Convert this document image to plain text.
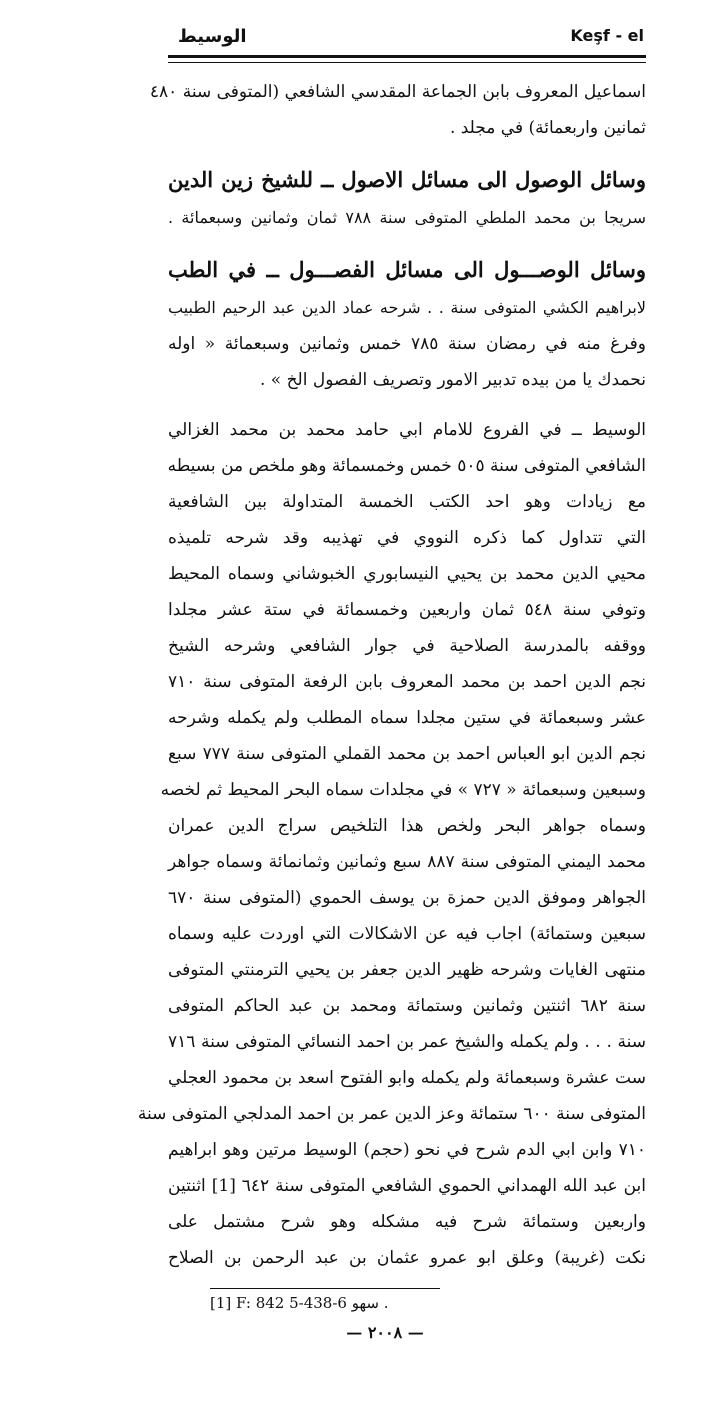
الوسيط	Keşf - el
اسماعيل المعروف بابن الجماعة المقدسي الشافعي (المتوفى سنة ٤٨٠
ثمانين واربعمائة) في مجلد .
وسائل الوصول الى مسائل الاصول ــ للشيخ زين الدين
سريجا بن محمد الملطي المتوفى سنة ٧٨٨ ثمان وثمانين وسبعمائة .
وسائل الوصـــول الى مسائل الفصـــول ــ في الطب
لابراهيم الكشي المتوفى سنة . . شرحه عماد الدين عبد الرحيم الطبيب
وفرغ منه في رمضان سنة ٧٨٥ خمس وثمانين وسبعمائة « اوله
نحمدك يا من بيده تدبير الامور وتصريف الفصول الخ » .
الوسيط ــ في الفروع للامام ابي حامد محمد بن محمد الغزالي
الشافعي المتوفى سنة ٥٠٥ خمس وخمسمائة وهو ملخص من بسيطه
مع زيادات وهو احد الكتب الخمسة المتداولة بين الشافعية
التي تتداول كما ذكره النووي في تهذيبه وقد شرحه تلميذه
محيي الدين محمد بن يحيي النيسابوري الخبوشاني وسماه المحيط
وتوفي سنة ٥٤٨ ثمان واربعين وخمسمائة في ستة عشر مجلدا
ووقفه بالمدرسة الصلاحية في جوار الشافعي وشرحه الشيخ
نجم الدين احمد بن محمد المعروف بابن الرفعة المتوفى سنة ٧١٠
عشر وسبعمائة في ستين مجلدا سماه المطلب ولم يكمله وشرحه
نجم الدين ابو العباس احمد بن محمد القملي المتوفى سنة ٧٧٧ سبع
وسبعين وسبعمائة « ٧٢٧ » في مجلدات سماه البحر المحيط ثم لخصه
وسماه جواهر البحر ولخص هذا التلخيص سراج الدين عمران
محمد اليمني المتوفى سنة ٨٨٧ سبع وثمانين وثمانمائة وسماه جواهر
الجواهر وموفق الدين حمزة بن يوسف الحموي (المتوفى سنة ٦٧٠
سبعين وستمائة) اجاب فيه عن الاشكالات التي اوردت عليه وسماه
منتهى الغايات وشرحه ظهير الدين جعفر بن يحيي الترمنتي المتوفى
سنة ٦٨٢ اثنتين وثمانين وستمائة ومحمد بن عبد الحاكم المتوفى
سنة . . . ولم يكمله والشيخ عمر بن احمد النسائي المتوفى سنة ٧١٦
ست عشرة وسبعمائة ولم يكمله وابو الفتوح اسعد بن محمود العجلي
المتوفى سنة ٦٠٠ ستمائة وعز الدين عمر بن احمد المدلجي المتوفى سنة
٧١٠ وابن ابي الدم شرح في نحو (حجم) الوسيط مرتين وهو ابراهيم
ابن عبد الله الهمداني الحموي الشافعي المتوفى سنة ٦٤٢ [1] اثنتين
واربعين وستمائة شرح فيه مشكله وهو شرح مشتمل على
نكت (غريبة) وعلق ابو عمرو عثمان بن عبد الرحمن بن الصلاح
[1] F: 842 5-438-6 سهو .
— ٢٠٠٨ —
